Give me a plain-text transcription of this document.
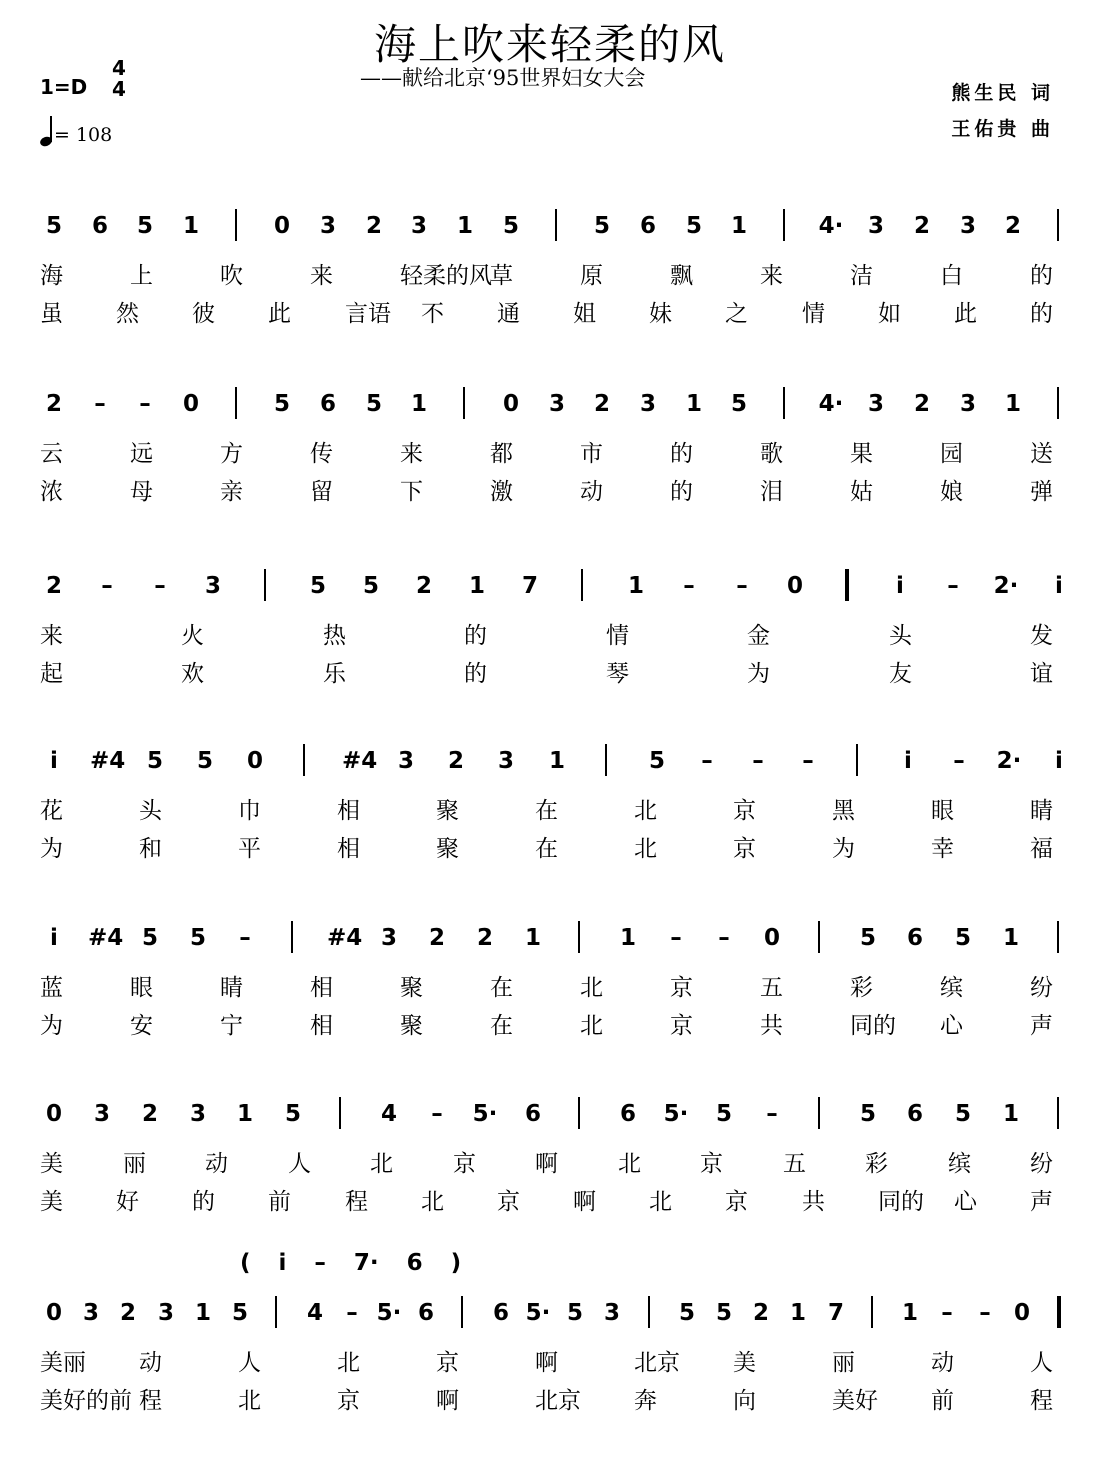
海上吹来轻柔的风
——献给北京‘95世界妇女大会
1=D
4
4
= 108
熊生民 词
王佑贵 曲
5 6 5 1	0 3 2 3 1 5	5 6 5 1	4· 3 2 3 2
海	上	吹	来	轻柔的风
草	原	飘	来	洁	白	的
虽 然 彼 此 言语 不 通 姐 妹 之 情 如 此 的
2	–	–	0	5 6 5 1	0 3 2 3 1 5	4· 3 2 3 1
云	远	方	传	来	都	市	的	歌	果	园	送
浓	母	亲	留	下	激	动	的	泪	姑	娘	弹
2	–	–	3	5 5 2 1 7	1	–	–	0	i	–	2·	i
来	火	热	的	情	金	头	发
起	欢	乐	的	琴	为	友	谊
i	#4 5 5 0	#4 3 2 3 1	5	–	–	–	i	–	2·	i
花	头	巾	相	聚	在	北	京	黑	眼	睛
为	和	平	相	聚	在	北	京	为	幸	福
i	#4 5 5	–	#4 3 2 2 1	1	–	–	0	5 6 5 1
蓝	眼	睛	相	聚	在	北	京	五	彩	缤	纷
为	安	宁	相	聚	在	北	京	共	同的 心	声
0 3 2 3 1 5	4	–	5· 6	6 5· 5	–	5 6 5 1
美	丽	动	人	北	京	啊	北	京	五	彩	缤	纷
美 好 的 前 程 北 京 啊 北 京 共 同的 心 声
0 3 2 3 1 5	4	– 5· 6	6 5· 5 3	5 5 2 1 7	1	–	–	0
( i – 7· 6 )
美丽 动	人	北	京	啊	北京 美	丽	动	人
美好的前 程	北	京	啊	北京 奔	向	美好 前	程
